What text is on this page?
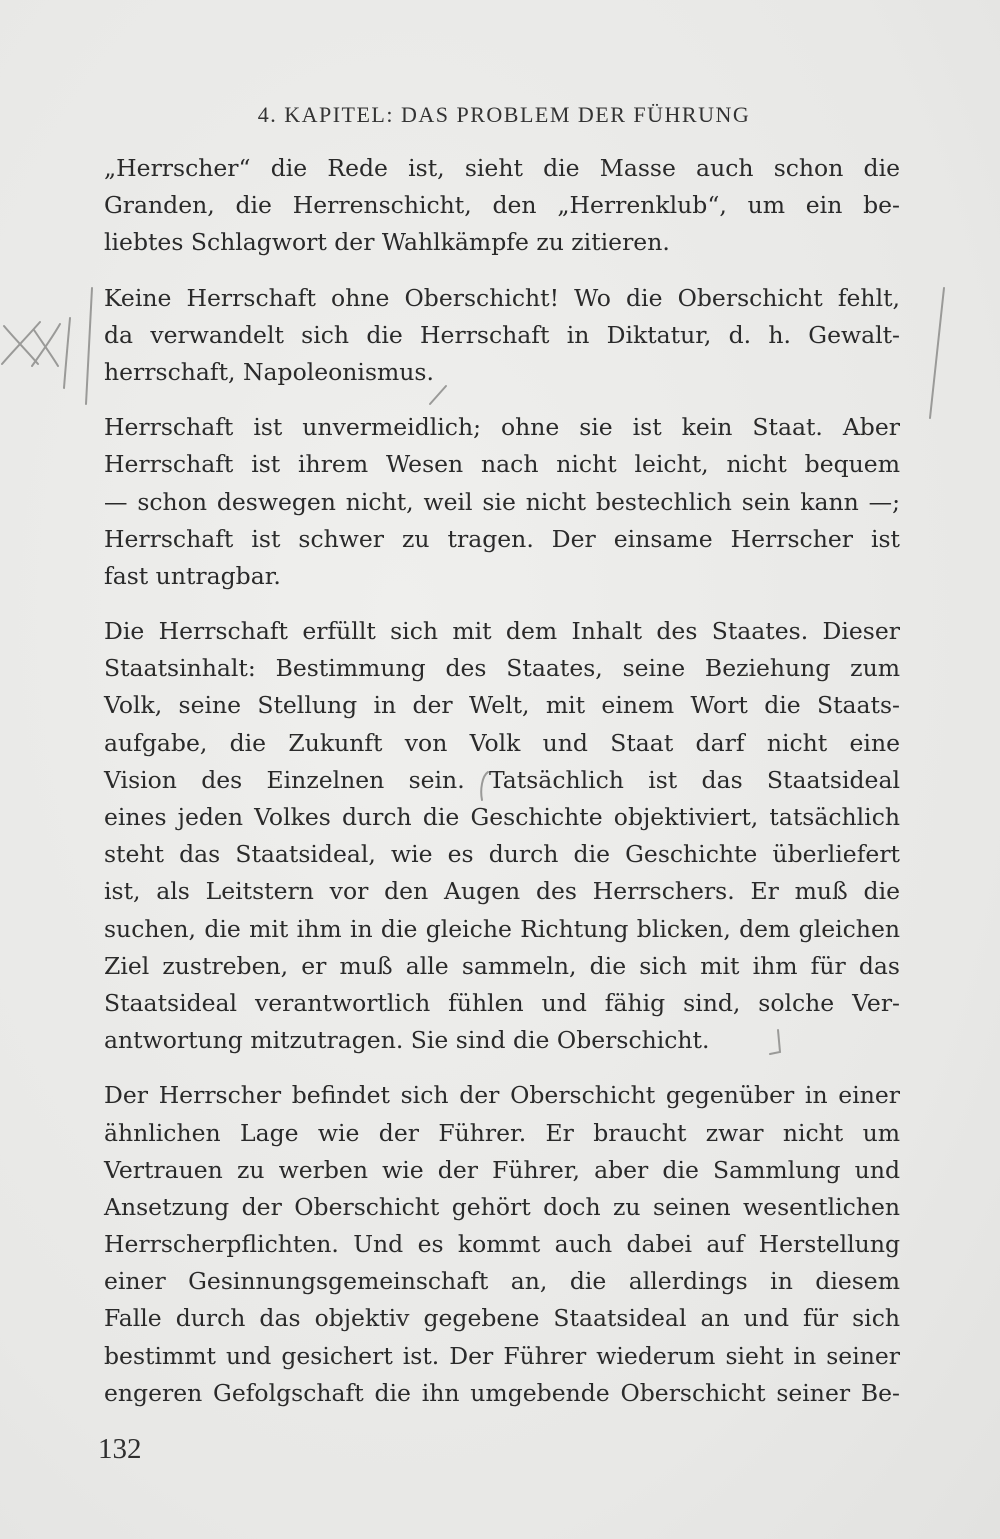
4. KAPITEL: DAS PROBLEM DER FÜHRUNG
„Herrscher“ die Rede ist, sieht die Masse auch schon die
Granden, die Herrenschicht, den „Herrenklub“, um ein be-
liebtes Schlagwort der Wahlkämpfe zu zitieren.
Keine Herrschaft ohne Oberschicht! Wo die Oberschicht fehlt,
da verwandelt sich die Herrschaft in Diktatur, d. h. Gewalt-
herrschaft, Napoleonismus.
Herrschaft ist unvermeidlich; ohne sie ist kein Staat. Aber
Herrschaft ist ihrem Wesen nach nicht leicht, nicht bequem
— schon deswegen nicht, weil sie nicht bestechlich sein kann —;
Herrschaft ist schwer zu tragen. Der einsame Herrscher ist
fast untragbar.
Die Herrschaft erfüllt sich mit dem Inhalt des Staates. Dieser
Staatsinhalt: Bestimmung des Staates, seine Beziehung zum
Volk, seine Stellung in der Welt, mit einem Wort die Staats-
aufgabe, die Zukunft von Volk und Staat darf nicht eine
Vision des Einzelnen sein. Tatsächlich ist das Staatsideal
eines jeden Volkes durch die Geschichte objektiviert, tatsächlich
steht das Staatsideal, wie es durch die Geschichte überliefert
ist, als Leitstern vor den Augen des Herrschers. Er muß die
suchen, die mit ihm in die gleiche Richtung blicken, dem gleichen
Ziel zustreben, er muß alle sammeln, die sich mit ihm für das
Staatsideal verantwortlich fühlen und fähig sind, solche Ver-
antwortung mitzutragen. Sie sind die Oberschicht.
Der Herrscher befindet sich der Oberschicht gegenüber in einer
ähnlichen Lage wie der Führer. Er braucht zwar nicht um
Vertrauen zu werben wie der Führer, aber die Sammlung und
Ansetzung der Oberschicht gehört doch zu seinen wesentlichen
Herrscherpflichten. Und es kommt auch dabei auf Herstellung
einer Gesinnungsgemeinschaft an, die allerdings in diesem
Falle durch das objektiv gegebene Staatsideal an und für sich
bestimmt und gesichert ist. Der Führer wiederum sieht in seiner
engeren Gefolgschaft die ihn umgebende Oberschicht seiner Be-
132
